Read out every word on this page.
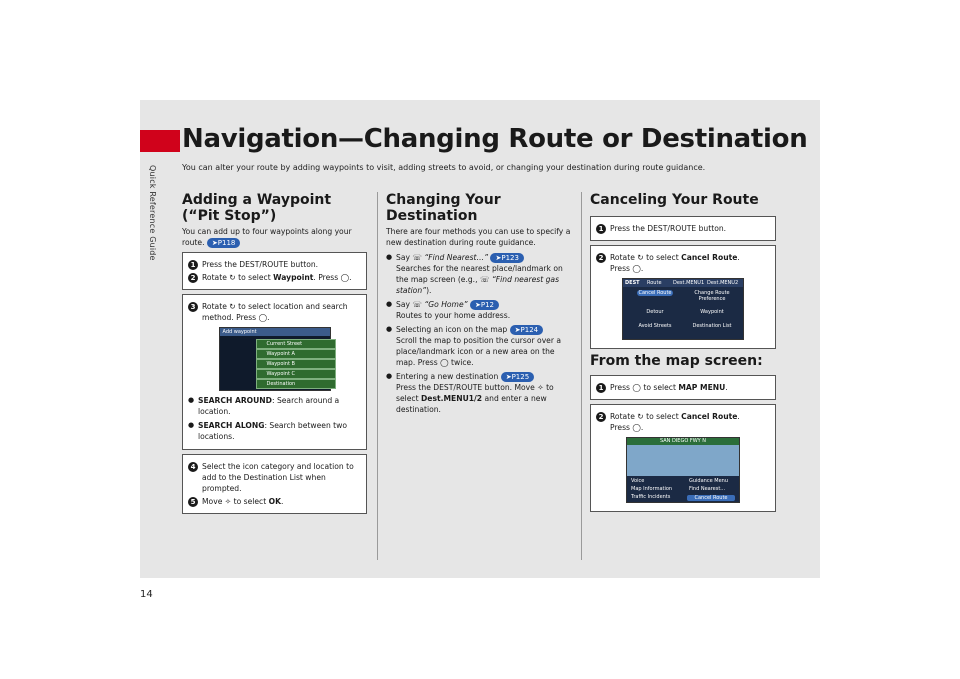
Quick Reference Guide
14
Navigation—Changing Route or Destination
You can alter your route by adding waypoints to visit, adding streets to avoid, or changing your destination during route guidance.
Adding a Waypoint (“Pit Stop”)

You can add up to four waypoints along your route. ➤P118

1 Press the DEST/ROUTE button.
2 Rotate ↻ to select Waypoint. Press ◯.
3 Rotate ↻ to select location and search method. Press ◯.
Add waypoint
Current Street
Waypoint A
Waypoint B
Waypoint C
Destination
● SEARCH AROUND: Search around a location.
● SEARCH ALONG: Search between two locations.
4 Select the icon category and location to add to the Destination List when prompted.
5 Move ✧ to select OK.
Changing Your Destination

There are four methods you can use to specify a new destination during route guidance.

● Say ☏ “Find Nearest…” ➤P123
Searches for the nearest place/landmark on the map screen (e.g., ☏ “Find nearest gas station”).
● Say ☏ “Go Home” ➤P12
Routes to your home address.
● Selecting an icon on the map ➤P124
Scroll the map to position the cursor over a place/landmark icon or a new area on the map. Press ◯ twice.
● Entering a new destination ➤P125
Press the DEST/ROUTE button. Move ✧ to select Dest.MENU1/2 and enter a new destination.
Canceling Your Route
1 Press the DEST/ROUTE button.
2 Rotate ↻ to select Cancel Route.
Press ◯.
DEST Route Dest.MENU1 Dest.MENU2
Cancel Route	Change Route Preference
Detour	Waypoint
Avoid Streets	Destination List
From the map screen:
1 Press ◯ to select MAP MENU.
2 Rotate ↻ to select Cancel Route.
Press ◯.
SAN DIEGO FWY N
Voice	Guidance Menu
Map Information	Find Nearest...
Traffic Incidents	Cancel Route
